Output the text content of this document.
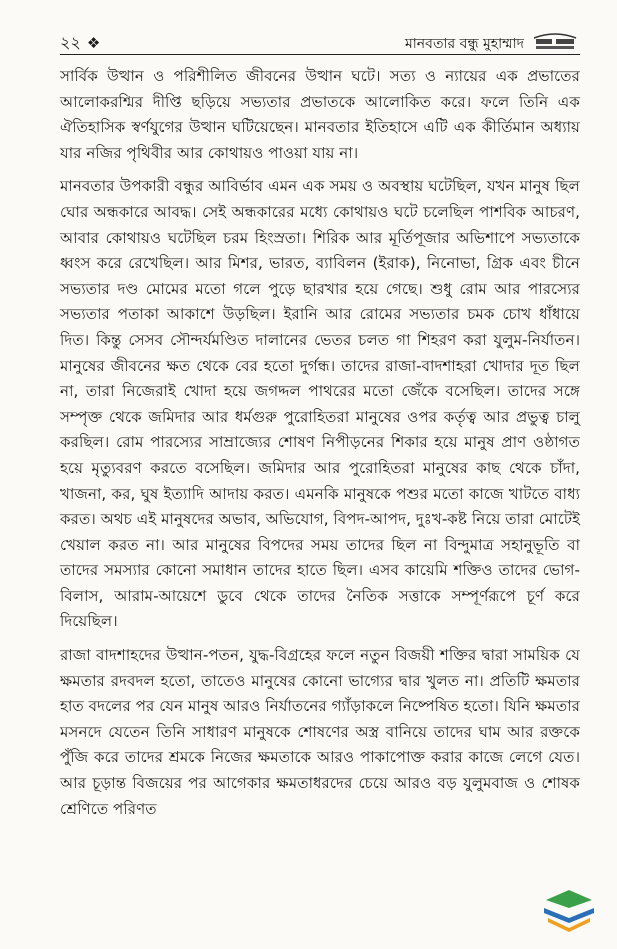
২২ ❖	মানবতার বন্ধু মুহাম্মাদ

সার্বিক উত্থান ও পরিশীলিত জীবনের উত্থান ঘটে। সত্য ও ন্যায়ের এক প্রভাতের আলোকরশ্মির দীপ্তি ছড়িয়ে সভ্যতার প্রভাতকে আলোকিত করে। ফলে তিনি এক ঐতিহাসিক স্বর্ণযুগের উত্থান ঘটিয়েছেন। মানবতার ইতিহাসে এটি এক কীর্তিমান অধ্যায় যার নজির পৃথিবীর আর কোথায়ও পাওয়া যায় না।

মানবতার উপকারী বন্ধুর আবির্ভাব এমন এক সময় ও অবস্থায় ঘটেছিল, যখন মানুষ ছিল ঘোর অন্ধকারে আবদ্ধ। সেই অন্ধকারের মধ্যে কোথায়ও ঘটে চলেছিল পাশবিক আচরণ, আবার কোথায়ও ঘটেছিল চরম হিংস্রতা। শিরিক আর মূর্তিপূজার অভিশাপে সভ্যতাকে ধ্বংস করে রেখেছিল। আর মিশর, ভারত, ব্যাবিলন (ইরাক), নিনোভা, গ্রিক এবং চীনে সভ্যতার দণ্ড মোমের মতো গলে পুড়ে ছারখার হয়ে গেছে। শুধু রোম আর পারস্যের সভ্যতার পতাকা আকাশে উড়ছিল। ইরানি আর রোমের সভ্যতার চমক চোখ ধাঁধায়ে দিত। কিন্তু সেসব সৌন্দর্যমণ্ডিত দালানের ভেতর চলত গা শিহরণ করা যুলুম-নির্যাতন। মানুষের জীবনের ক্ষত থেকে বের হতো দুর্গন্ধ। তাদের রাজা-বাদশাহরা খোদার দূত ছিল না, তারা নিজেরাই খোদা হয়ে জগদ্দল পাথরের মতো জেঁকে বসেছিল। তাদের সঙ্গে সম্পৃক্ত থেকে জমিদার আর ধর্মগুরু পুরোহিতরা মানুষের ওপর কর্তৃত্ব আর প্রভুত্ব চালু করছিল। রোম পারস্যের সাম্রাজ্যের শোষণ নিপীড়নের শিকার হয়ে মানুষ প্রাণ ওষ্ঠাগত হয়ে মৃত্যুবরণ করতে বসেছিল। জমিদার আর পুরোহিতরা মানুষের কাছ থেকে চাঁদা, খাজনা, কর, ঘুষ ইত্যাদি আদায় করত। এমনকি মানুষকে পশুর মতো কাজে খাটতে বাধ্য করত। অথচ এই মানুষদের অভাব, অভিযোগ, বিপদ-আপদ, দুঃখ-কষ্ট নিয়ে তারা মোটেই খেয়াল করত না। আর মানুষের বিপদের সময় তাদের ছিল না বিন্দুমাত্র সহানুভূতি বা তাদের সমস্যার কোনো সমাধান তাদের হাতে ছিল। এসব কায়েমি শক্তিও তাদের ভোগ-বিলাস, আরাম-আয়েশে ডুবে থেকে তাদের নৈতিক সত্তাকে সম্পূর্ণরূপে চূর্ণ করে দিয়েছিল।

রাজা বাদশাহদের উত্থান-পতন, যুদ্ধ-বিগ্রহের ফলে নতুন বিজয়ী শক্তির দ্বারা সাময়িক যে ক্ষমতার রদবদল হতো, তাতেও মানুষের কোনো ভাগ্যের দ্বার খুলত না। প্রতিটি ক্ষমতার হাত বদলের পর যেন মানুষ আরও নির্যাতনের গ্যাঁড়াকলে নিষ্পেষিত হতো। যিনি ক্ষমতার মসনদে যেতেন তিনি সাধারণ মানুষকে শোষণের অস্ত্র বানিয়ে তাদের ঘাম আর রক্তকে পুঁজি করে তাদের শ্রমকে নিজের ক্ষমতাকে আরও পাকাপোক্ত করার কাজে লেগে যেত। আর চূড়ান্ত বিজয়ের পর আগেকার ক্ষমতাধরদের চেয়ে আরও বড় যুলুমবাজ ও শোষক শ্রেণিতে পরিণত
